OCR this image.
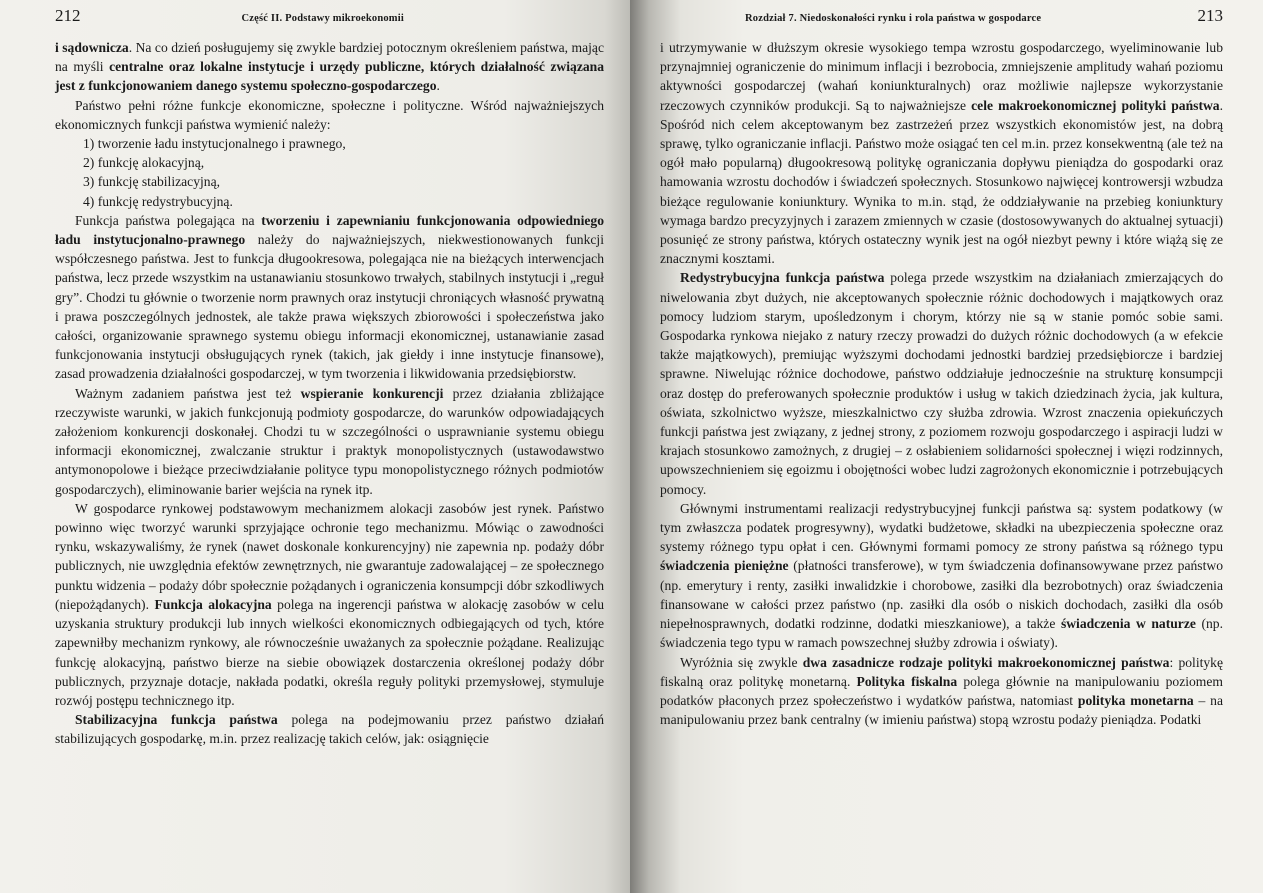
212	Część II. Podstawy mikroekonomii

i sądownicza. Na co dzień posługujemy się zwykle bardziej potocznym określeniem państwa, mając na myśli centralne oraz lokalne instytucje i urzędy publiczne, których działalność związana jest z funkcjonowaniem danego systemu społeczno-gospodarczego.

Państwo pełni różne funkcje ekonomiczne, społeczne i polityczne. Wśród najważniejszych ekonomicznych funkcji państwa wymienić należy:

1) tworzenie ładu instytucjonalnego i prawnego,
2) funkcję alokacyjną,
3) funkcję stabilizacyjną,
4) funkcję redystrybucyjną.

Funkcja państwa polegająca na tworzeniu i zapewnianiu funkcjonowania odpowiedniego ładu instytucjonalno-prawnego należy do najważniejszych, niekwestionowanych funkcji współczesnego państwa. Jest to funkcja długookresowa, polegająca nie na bieżących interwencjach państwa, lecz przede wszystkim na ustanawianiu stosunkowo trwałych, stabilnych instytucji i „reguł gry”. Chodzi tu głównie o tworzenie norm prawnych oraz instytucji chroniących własność prywatną i prawa poszczególnych jednostek, ale także prawa większych zbiorowości i społeczeństwa jako całości, organizowanie sprawnego systemu obiegu informacji ekonomicznej, ustanawianie zasad funkcjonowania instytucji obsługujących rynek (takich, jak giełdy i inne instytucje finansowe), zasad prowadzenia działalności gospodarczej, w tym tworzenia i likwidowania przedsiębiorstw.

Ważnym zadaniem państwa jest też wspieranie konkurencji przez działania zbliżające rzeczywiste warunki, w jakich funkcjonują podmioty gospodarcze, do warunków odpowiadających założeniom konkurencji doskonałej. Chodzi tu w szczególności o usprawnianie systemu obiegu informacji ekonomicznej, zwalczanie struktur i praktyk monopolistycznych (ustawodawstwo antymonopolowe i bieżące przeciwdziałanie polityce typu monopolistycznego różnych podmiotów gospodarczych), eliminowanie barier wejścia na rynek itp.

W gospodarce rynkowej podstawowym mechanizmem alokacji zasobów jest rynek. Państwo powinno więc tworzyć warunki sprzyjające ochronie tego mechanizmu. Mówiąc o zawodności rynku, wskazywaliśmy, że rynek (nawet doskonale konkurencyjny) nie zapewnia np. podaży dóbr publicznych, nie uwzględnia efektów zewnętrznych, nie gwarantuje zadowalającej – ze społecznego punktu widzenia – podaży dóbr społecznie pożądanych i ograniczenia konsumpcji dóbr szkodliwych (niepożądanych). Funkcja alokacyjna polega na ingerencji państwa w alokację zasobów w celu uzyskania struktury produkcji lub innych wielkości ekonomicznych odbiegających od tych, które zapewniłby mechanizm rynkowy, ale równocześnie uważanych za społecznie pożądane. Realizując funkcję alokacyjną, państwo bierze na siebie obowiązek dostarczenia określonej podaży dóbr publicznych, przyznaje dotacje, nakłada podatki, określa reguły polityki przemysłowej, stymuluje rozwój postępu technicznego itp.

Stabilizacyjna funkcja państwa polega na podejmowaniu przez państwo działań stabilizujących gospodarkę, m.in. przez realizację takich celów, jak: osiągnięcie

Rozdział 7. Niedoskonałości rynku i rola państwa w gospodarce	213

i utrzymywanie w dłuższym okresie wysokiego tempa wzrostu gospodarczego, wyeliminowanie lub przynajmniej ograniczenie do minimum inflacji i bezrobocia, zmniejszenie amplitudy wahań poziomu aktywności gospodarczej (wahań koniunkturalnych) oraz możliwie najlepsze wykorzystanie rzeczowych czynników produkcji. Są to najważniejsze cele makroekonomicznej polityki państwa. Spośród nich celem akceptowanym bez zastrzeżeń przez wszystkich ekonomistów jest, na dobrą sprawę, tylko ograniczanie inflacji. Państwo może osiągać ten cel m.in. przez konsekwentną (ale też na ogół mało popularną) długookresową politykę ograniczania dopływu pieniądza do gospodarki oraz hamowania wzrostu dochodów i świadczeń społecznych. Stosunkowo najwięcej kontrowersji wzbudza bieżące regulowanie koniunktury. Wynika to m.in. stąd, że oddziaływanie na przebieg koniunktury wymaga bardzo precyzyjnych i zarazem zmiennych w czasie (dostosowywanych do aktualnej sytuacji) posunięć ze strony państwa, których ostateczny wynik jest na ogół niezbyt pewny i które wiążą się ze znacznymi kosztami.

Redystrybucyjna funkcja państwa polega przede wszystkim na działaniach zmierzających do niwelowania zbyt dużych, nie akceptowanych społecznie różnic dochodowych i majątkowych oraz pomocy ludziom starym, upośledzonym i chorym, którzy nie są w stanie pomóc sobie sami. Gospodarka rynkowa niejako z natury rzeczy prowadzi do dużych różnic dochodowych (a w efekcie także majątkowych), premiując wyższymi dochodami jednostki bardziej przedsiębiorcze i bardziej sprawne. Niwelując różnice dochodowe, państwo oddziałuje jednocześnie na strukturę konsumpcji oraz dostęp do preferowanych społecznie produktów i usług w takich dziedzinach życia, jak kultura, oświata, szkolnictwo wyższe, mieszkalnictwo czy służba zdrowia. Wzrost znaczenia opiekuńczych funkcji państwa jest związany, z jednej strony, z poziomem rozwoju gospodarczego i aspiracji ludzi w krajach stosunkowo zamożnych, z drugiej – z osłabieniem solidarności społecznej i więzi rodzinnych, upowszechnieniem się egoizmu i obojętności wobec ludzi zagrożonych ekonomicznie i potrzebujących pomocy.

Głównymi instrumentami realizacji redystrybucyjnej funkcji państwa są: system podatkowy (w tym zwłaszcza podatek progresywny), wydatki budżetowe, składki na ubezpieczenia społeczne oraz systemy różnego typu opłat i cen. Głównymi formami pomocy ze strony państwa są różnego typu świadczenia pieniężne (płatności transferowe), w tym świadczenia dofinansowywane przez państwo (np. emerytury i renty, zasiłki inwalidzkie i chorobowe, zasiłki dla bezrobotnych) oraz świadczenia finansowane w całości przez państwo (np. zasiłki dla osób o niskich dochodach, zasiłki dla osób niepełnosprawnych, dodatki rodzinne, dodatki mieszkaniowe), a także świadczenia w naturze (np. świadczenia tego typu w ramach powszechnej służby zdrowia i oświaty).

Wyróżnia się zwykle dwa zasadnicze rodzaje polityki makroekonomicznej państwa: politykę fiskalną oraz politykę monetarną. Polityka fiskalna polega głównie na manipulowaniu poziomem podatków płaconych przez społeczeństwo i wydatków państwa, natomiast polityka monetarna – na manipulowaniu przez bank centralny (w imieniu państwa) stopą wzrostu podaży pieniądza. Podatki
